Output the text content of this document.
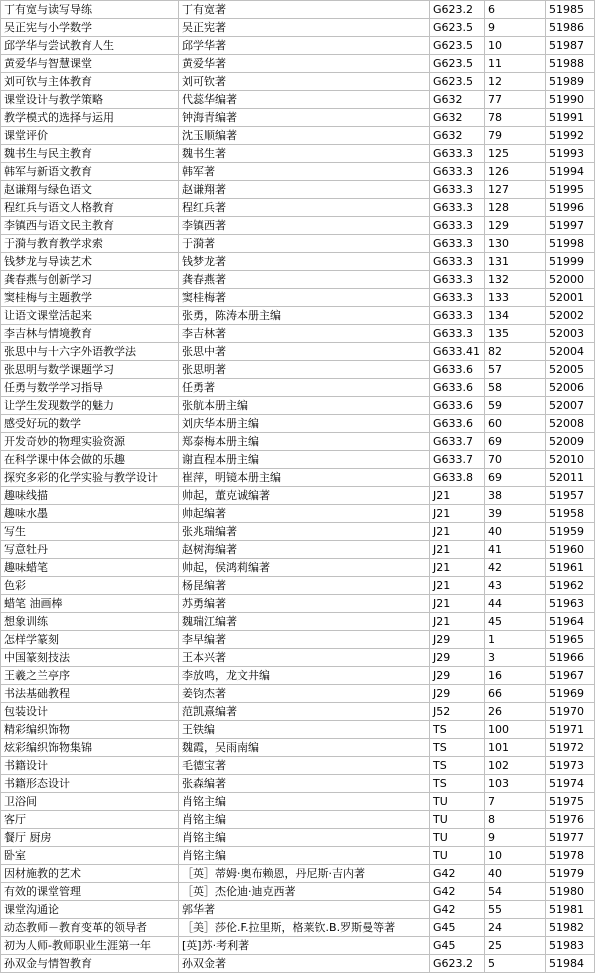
丁有宽与读写导练	丁有宽著	G623.2	6	51985
吴正宪与小学数学	吴正宪著	G623.5	9	51986
邱学华与尝试教育人生	邱学华著	G623.5	10	51987
黄爱华与智慧课堂	黄爱华著	G623.5	11	51988
刘可钦与主体教育	刘可钦著	G623.5	12	51989
课堂设计与教学策略	代蕊华编著	G632	77	51990
教学模式的选择与运用	钟海青编著	G632	78	51991
课堂评价	沈玉顺编著	G632	79	51992
魏书生与民主教育	魏书生著	G633.3	125	51993
韩军与新语文教育	韩军著	G633.3	126	51994
赵谦翔与绿色语文	赵谦翔著	G633.3	127	51995
程红兵与语文人格教育	程红兵著	G633.3	128	51996
李镇西与语文民主教育	李镇西著	G633.3	129	51997
于漪与教育教学求索	于漪著	G633.3	130	51998
钱梦龙与导读艺术	钱梦龙著	G633.3	131	51999
龚春燕与创新学习	龚春燕著	G633.3	132	52000
窦桂梅与主题教学	窦桂梅著	G633.3	133	52001
让语文课堂活起来	张勇，陈涛本册主编	G633.3	134	52002
李吉林与情境教育	李吉林著	G633.3	135	52003
张思中与十六字外语教学法	张思中著	G633.41	82	52004
张思明与数学课题学习	张思明著	G633.6	57	52005
任勇与数学学习指导	任勇著	G633.6	58	52006
让学生发现数学的魅力	张航本册主编	G633.6	59	52007
感受好玩的数学	刘庆华本册主编	G633.6	60	52008
开发奇妙的物理实验资源	郑泰梅本册主编	G633.7	69	52009
在科学课中体会做的乐趣	谢直程本册主编	G633.7	70	52010
探究多彩的化学实验与教学设计	崔萍，明镜本册主编	G633.8	69	52011
趣味线描	帅起，董克诚编著	J21	38	51957
趣味水墨	帅起编著	J21	39	51958
写生	张兆瑞编著	J21	40	51959
写意牡丹	赵树海编著	J21	41	51960
趣味蜡笔	帅起，侯鸿莉编著	J21	42	51961
色彩	杨昆编著	J21	43	51962
蜡笔 油画棒	苏勇编著	J21	44	51963
想象训练	魏瑞江编著	J21	45	51964
怎样学篆刻	李早编著	J29	1	51965
中国篆刻技法	王本兴著	J29	3	51966
王羲之兰亭序	李放鸣，龙文井编	J29	16	51967
书法基础教程	姜钧杰著	J29	66	51969
包装设计	范凯熹编著	J52	26	51970
精彩编织饰物	王铁编	TS	100	51971
炫彩编织饰物集锦	魏霞，吴雨南编	TS	101	51972
书籍设计	毛德宝著	TS	102	51973
书籍形态设计	张森编著	TS	103	51974
卫浴间	肖铭主编	TU	7	51975
客厅	肖铭主编	TU	8	51976
餐厅 厨房	肖铭主编	TU	9	51977
卧室	肖铭主编	TU	10	51978
因材施教的艺术	［英］蒂姆·奥布赖恩，丹尼斯·吉内著	G42	40	51979
有效的课堂管理	［英］杰伦迪·迪克西著	G42	54	51980
课堂沟通论	郭华著	G42	55	51981
动态教师－教育变革的领导者	［美］莎伦.F.拉里斯，格莱钦.B.罗斯曼等著	G45	24	51982
初为人师-教师职业生涯第一年	[英]苏·考利著	G45	25	51983
孙双金与情智教育	孙双金著	G623.2	5	51984
